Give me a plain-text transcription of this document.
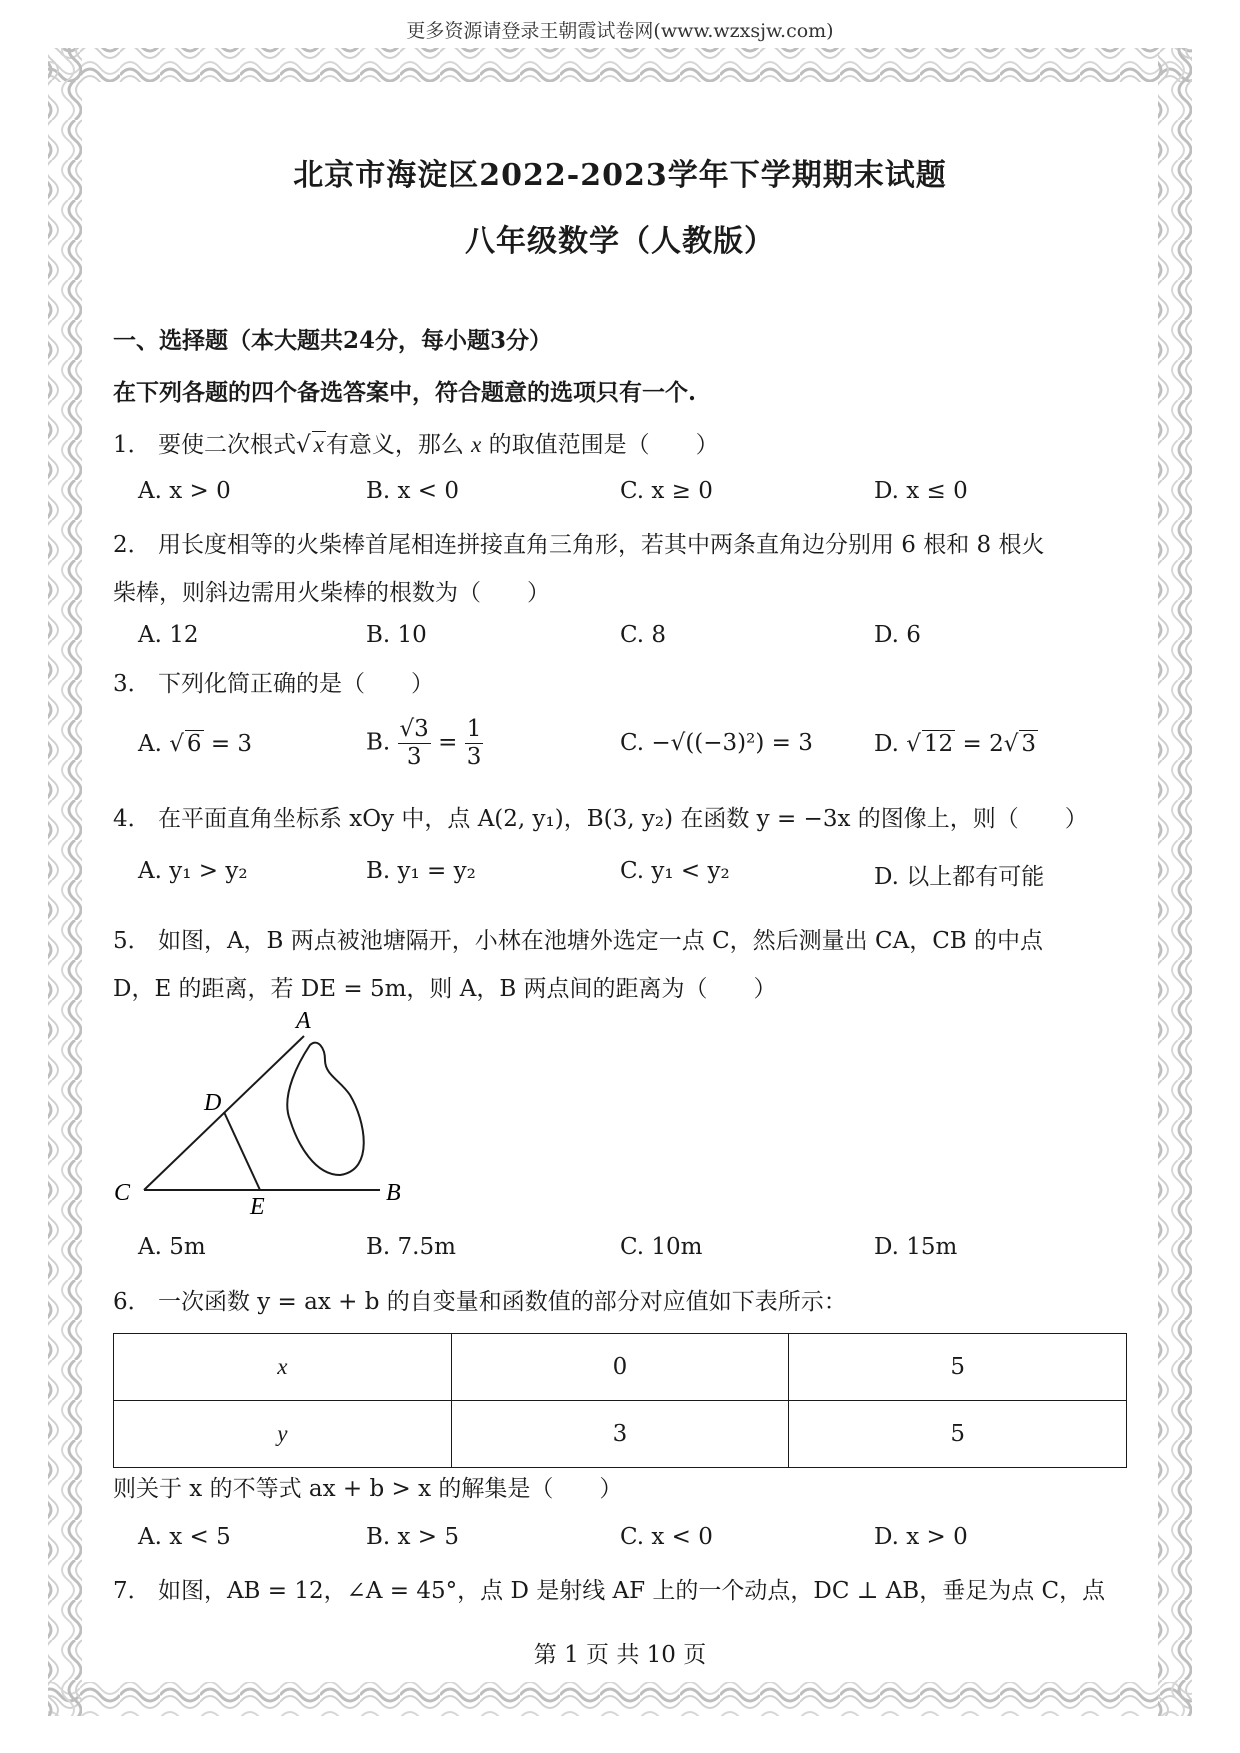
更多资源请登录王朝霞试卷网(www.wzxsjw.com)
北京市海淀区2022-2023学年下学期期末试题
八年级数学（人教版）
一、选择题（本大题共24分，每小题3分）
在下列各题的四个备选答案中，符合题意的选项只有一个.
1． 要使二次根式√ x有意义，那么 x 的取值范围是（　　）
A. x > 0	B. x < 0	C. x ≥ 0	D. x ≤ 0
2． 用长度相等的火柴棒首尾相连拼接直角三角形，若其中两条直角边分别用 6 根和 8 根火
柴棒，则斜边需用火柴棒的根数为（　　）
A. 12	B. 10	C. 8	D. 6
3． 下列化简正确的是（　　）
A. √ 6 = 3	B. $\frac{√3}{3} = \frac{1}{3}$	C. −√((−3)²) = 3	D. √ 12 = 2√ 3
4． 在平面直角坐标系 xOy 中，点 A(2, y₁)，B(3, y₂) 在函数 y = −3x 的图像上，则（　　）
A. y₁ > y₂	B. y₁ = y₂	C. y₁ < y₂	D. 以上都有可能
5． 如图，A，B 两点被池塘隔开，小林在池塘外选定一点 C，然后测量出 CA，CB 的中点
D，E 的距离，若 DE = 5m，则 A，B 两点间的距离为（　　）
A
D
C
E
B
A. 5m	B. 7.5m	C. 10m	D. 15m
6． 一次函数 y = ax + b 的自变量和函数值的部分对应值如下表所示：
x	0	5
y	3	5
则关于 x 的不等式 ax + b > x 的解集是（　　）
A. x < 5	B. x > 5	C. x < 0	D. x > 0
7． 如图，AB = 12，∠A = 45°，点 D 是射线 AF 上的一个动点，DC ⊥ AB，垂足为点 C，点
第 1 页 共 10 页
